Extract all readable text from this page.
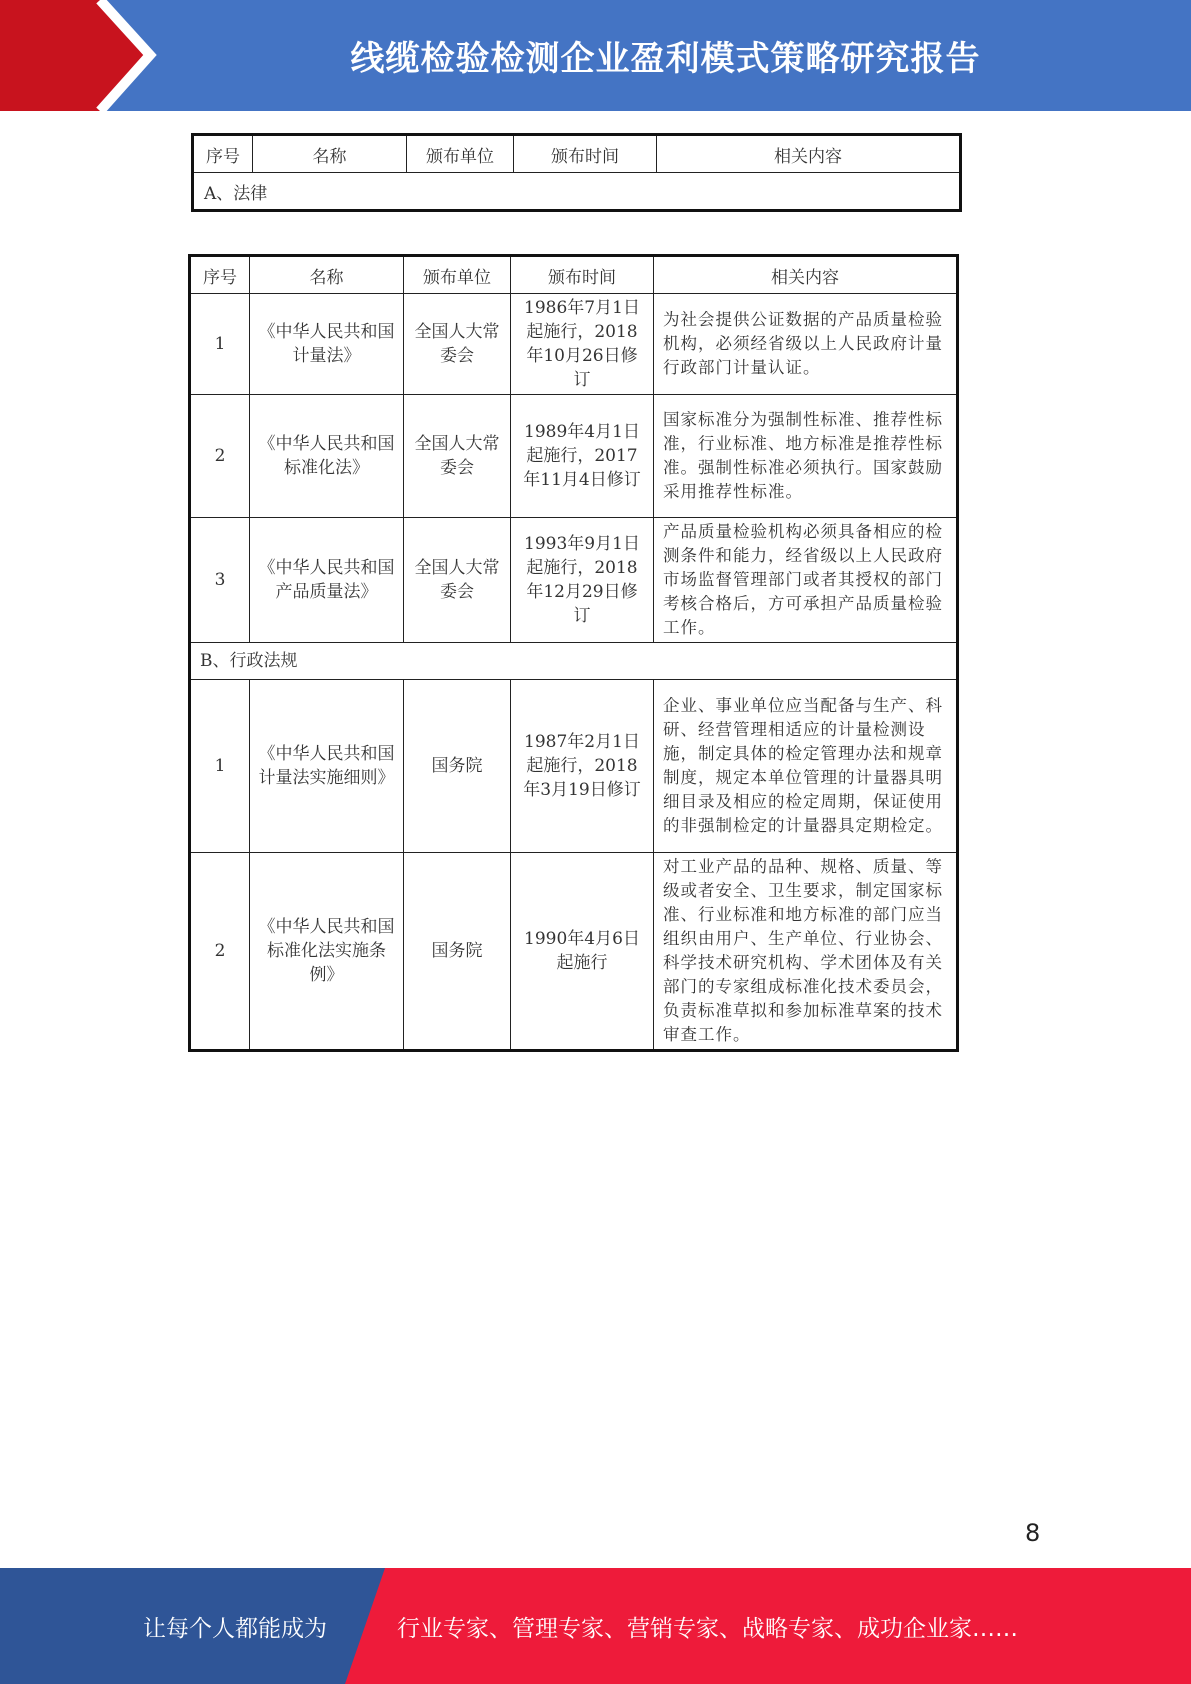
线缆检验检测企业盈利模式策略研究报告
序号	名称	颁布单位	颁布时间	相关内容
A、法律
序号	名称	颁布单位	颁布时间	相关内容
1	《中华人民共和国计量法》	全国人大常委会	1986年7月1日起施行，2018年10月26日修订	为社会提供公证数据的产品质量检验机构，必须经省级以上人民政府计量行政部门计量认证。
2	《中华人民共和国标准化法》	全国人大常委会	1989年4月1日起施行，2017年11月4日修订	国家标准分为强制性标准、推荐性标准，行业标准、地方标准是推荐性标准。强制性标准必须执行。国家鼓励采用推荐性标准。
3	《中华人民共和国产品质量法》	全国人大常委会	1993年9月1日起施行，2018年12月29日修订	产品质量检验机构必须具备相应的检测条件和能力，经省级以上人民政府市场监督管理部门或者其授权的部门考核合格后，方可承担产品质量检验工作。
B、行政法规				
1	《中华人民共和国计量法实施细则》	国务院	1987年2月1日起施行，2018年3月19日修订	企业、事业单位应当配备与生产、科研、经营管理相适应的计量检测设施，制定具体的检定管理办法和规章制度，规定本单位管理的计量器具明细目录及相应的检定周期，保证使用的非强制检定的计量器具定期检定。
2	《中华人民共和国标准化法实施条例》	国务院	1990年4月6日起施行	对工业产品的品种、规格、质量、等级或者安全、卫生要求，制定国家标准、行业标准和地方标准的部门应当组织由用户、生产单位、行业协会、科学技术研究机构、学术团体及有关部门的专家组成标准化技术委员会，负责标准草拟和参加标准草案的技术审查工作。
8
让每个人都能成为	行业专家、管理专家、营销专家、战略专家、成功企业家……
